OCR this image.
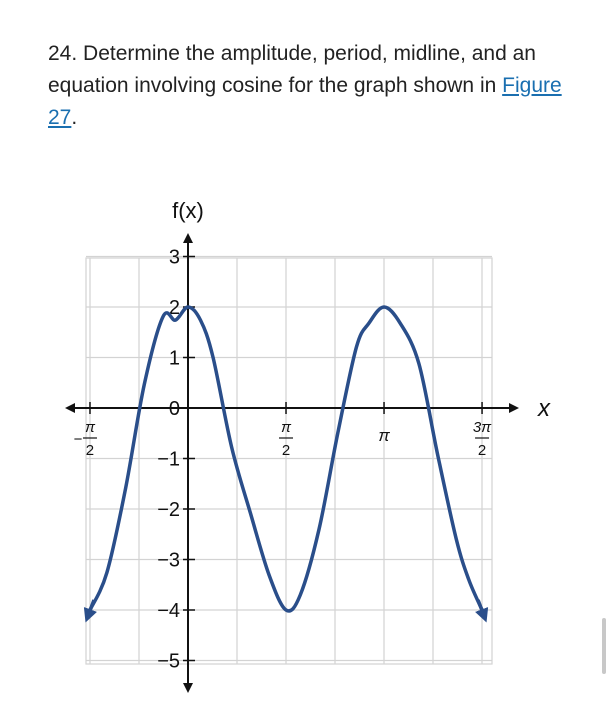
24. Determine the amplitude, period, midline, and an equation involving cosine for the graph shown in Figure 27.
f(x)
x
3
2
1
0
−1
−2
−3
−4
−5
π
2
−
π
2
π	3π
2
